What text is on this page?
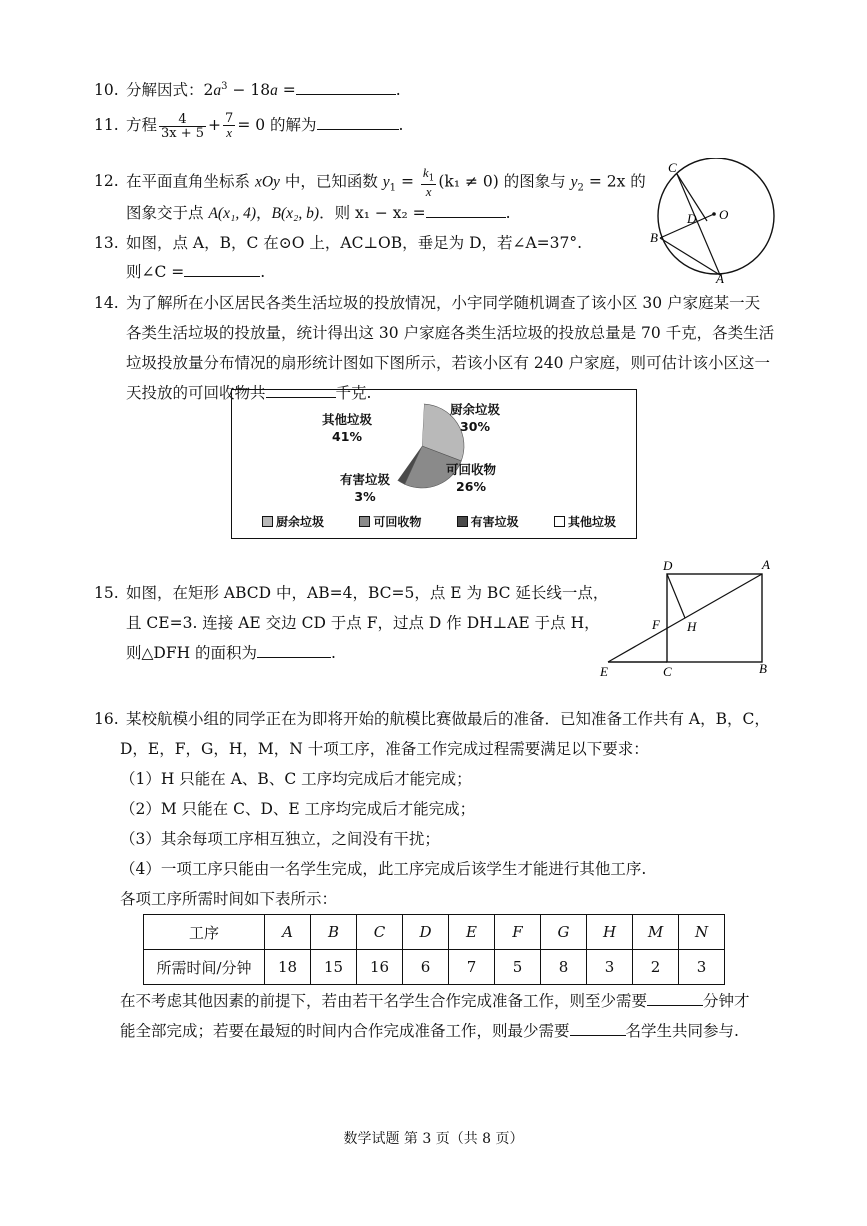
10. 分解因式：$2a^3 - 18a$ =	.
11. 方程 $\frac{4}{3x + 5} + \frac{7}{x} = 0$ 的解为	.
12. 在平面直角坐标系 xOy 中，已知函数 $y_1 = \frac{k_1}{x} (k_1 \ne 0)$ 的图象与 $y_2 = 2x$ 的
图象交于点 A(x₁, 4)，B(x₂, b)．则 x₁ − x₂ =	.
13. 如图，点 A，B，C 在⊙O 上，AC⊥OB，垂足为 D，若∠A=37°.
则∠C =	.
C
D O
B
A
14. 为了解所在小区居民各类生活垃圾的投放情况，小宇同学随机调查了该小区 30 户家庭某一天
各类生活垃圾的投放量，统计得出这 30 户家庭各类生活垃圾的投放总量是 70 千克，各类生活
垃圾投放量分布情况的扇形统计图如下图所示，若该小区有 240 户家庭，则可估计该小区这一
天投放的可回收物共	千克.
其他垃圾
41%
厨余垃圾
30%
可回收物
26%
有害垃圾
3%
厨余垃圾	可回收物	有害垃圾	其他垃圾
15. 如图，在矩形 ABCD 中，AB=4，BC=5，点 E 为 BC 延长线一点，
且 CE=3. 连接 AE 交边 CD 于点 F，过点 D 作 DH⊥AE 于点 H，
则△DFH 的面积为	.
D	A
F H
E	C	B
16. 某校航模小组的同学正在为即将开始的航模比赛做最后的准备．已知准备工作共有 A，B，C，
D，E，F，G，H，M，N 十项工序，准备工作完成过程需要满足以下要求：
（1）H 只能在 A、B、C 工序均完成后才能完成；
（2）M 只能在 C、D、E 工序均完成后才能完成；
（3）其余每项工序相互独立，之间没有干扰；
（4）一项工序只能由一名学生完成，此工序完成后该学生才能进行其他工序.
各项工序所需时间如下表所示：
工序	A	B	C	D	E	F	G	H	M	N
所需时间/分钟	18	15	16	6	7	5	8	3	2	3
在不考虑其他因素的前提下，若由若干名学生合作完成准备工作，则至少需要	分钟才
能全部完成；若要在最短的时间内合作完成准备工作，则最少需要	名学生共同参与.
数学试题 第 3 页（共 8 页）
